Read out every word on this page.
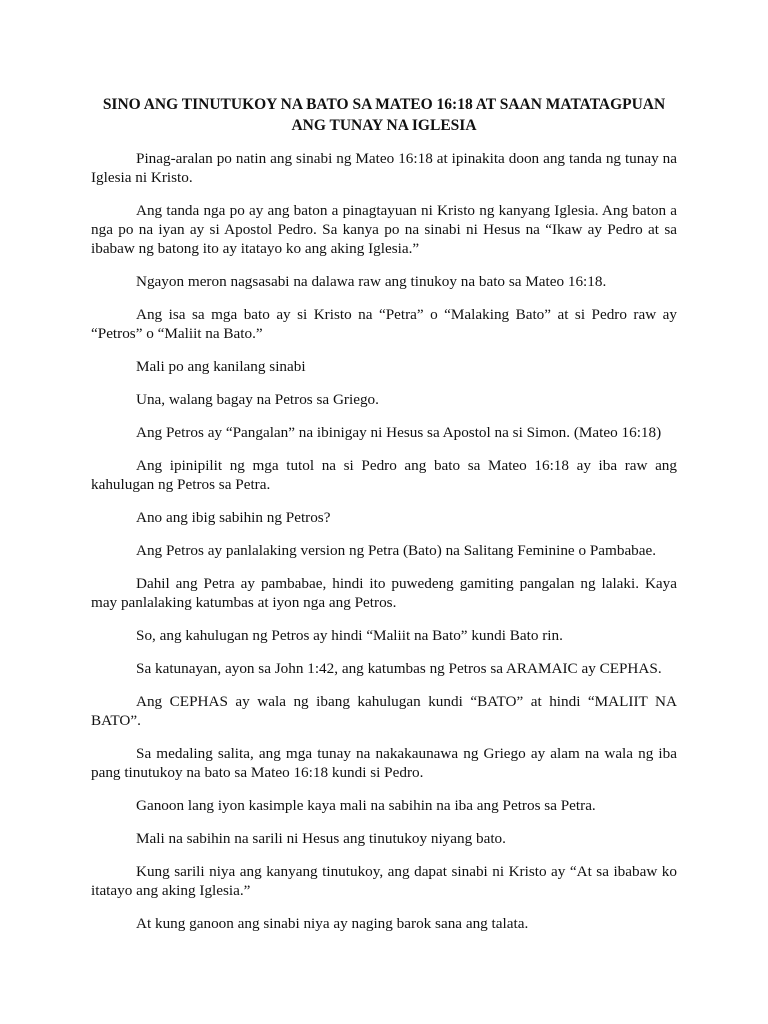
SINO ANG TINUTUKOY NA BATO SA MATEO 16:18 AT SAAN MATATAGPUAN
ANG TUNAY NA IGLESIA

Pinag-aralan po natin ang sinabi ng Mateo 16:18 at ipinakita doon ang tanda ng tunay na Iglesia ni Kristo.

Ang tanda nga po ay ang baton a pinagtayuan ni Kristo ng kanyang Iglesia. Ang baton a nga po na iyan ay si Apostol Pedro. Sa kanya po na sinabi ni Hesus na “Ikaw ay Pedro at sa ibabaw ng batong ito ay itatayo ko ang aking Iglesia.”

Ngayon meron nagsasabi na dalawa raw ang tinukoy na bato sa Mateo 16:18.

Ang isa sa mga bato ay si Kristo na “Petra” o “Malaking Bato” at si Pedro raw ay “Petros” o “Maliit na Bato.”

Mali po ang kanilang sinabi

Una, walang bagay na Petros sa Griego.

Ang Petros ay “Pangalan” na ibinigay ni Hesus sa Apostol na si Simon. (Mateo 16:18)

Ang ipinipilit ng mga tutol na si Pedro ang bato sa Mateo 16:18 ay iba raw ang kahulugan ng Petros sa Petra.

Ano ang ibig sabihin ng Petros?

Ang Petros ay panlalaking version ng Petra (Bato) na Salitang Feminine o Pambabae.

Dahil ang Petra ay pambabae, hindi ito puwedeng gamiting pangalan ng lalaki. Kaya may panlalaking katumbas at iyon nga ang Petros.

So, ang kahulugan ng Petros ay hindi “Maliit na Bato” kundi Bato rin.

Sa katunayan, ayon sa John 1:42, ang katumbas ng Petros sa ARAMAIC ay CEPHAS.

Ang CEPHAS ay wala ng ibang kahulugan kundi “BATO” at hindi “MALIIT NA BATO”.

Sa medaling salita, ang mga tunay na nakakaunawa ng Griego ay alam na wala ng iba pang tinutukoy na bato sa Mateo 16:18 kundi si Pedro.

Ganoon lang iyon kasimple kaya mali na sabihin na iba ang Petros sa Petra.

Mali na sabihin na sarili ni Hesus ang tinutukoy niyang bato.

Kung sarili niya ang kanyang tinutukoy, ang dapat sinabi ni Kristo ay “At sa ibabaw ko itatayo ang aking Iglesia.”

At kung ganoon ang sinabi niya ay naging barok sana ang talata.
